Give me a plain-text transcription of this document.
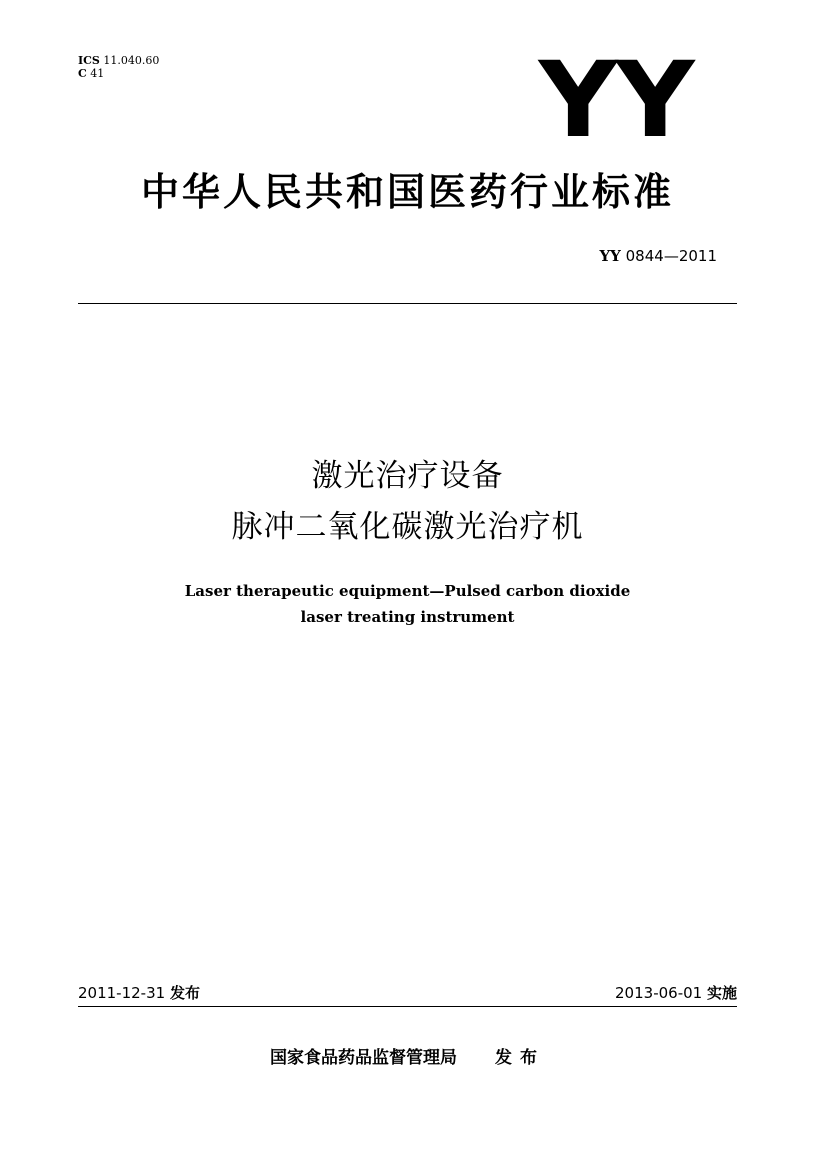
ICS 11.040.60
C 41	YY
中华人民共和国医药行业标准
YY 0844—2011
激光治疗设备
脉冲二氧化碳激光治疗机
Laser therapeutic equipment—Pulsed carbon dioxide
laser treating instrument
2011-12-31 发布	2013-06-01 实施
国家食品药品监督管理局 发布
